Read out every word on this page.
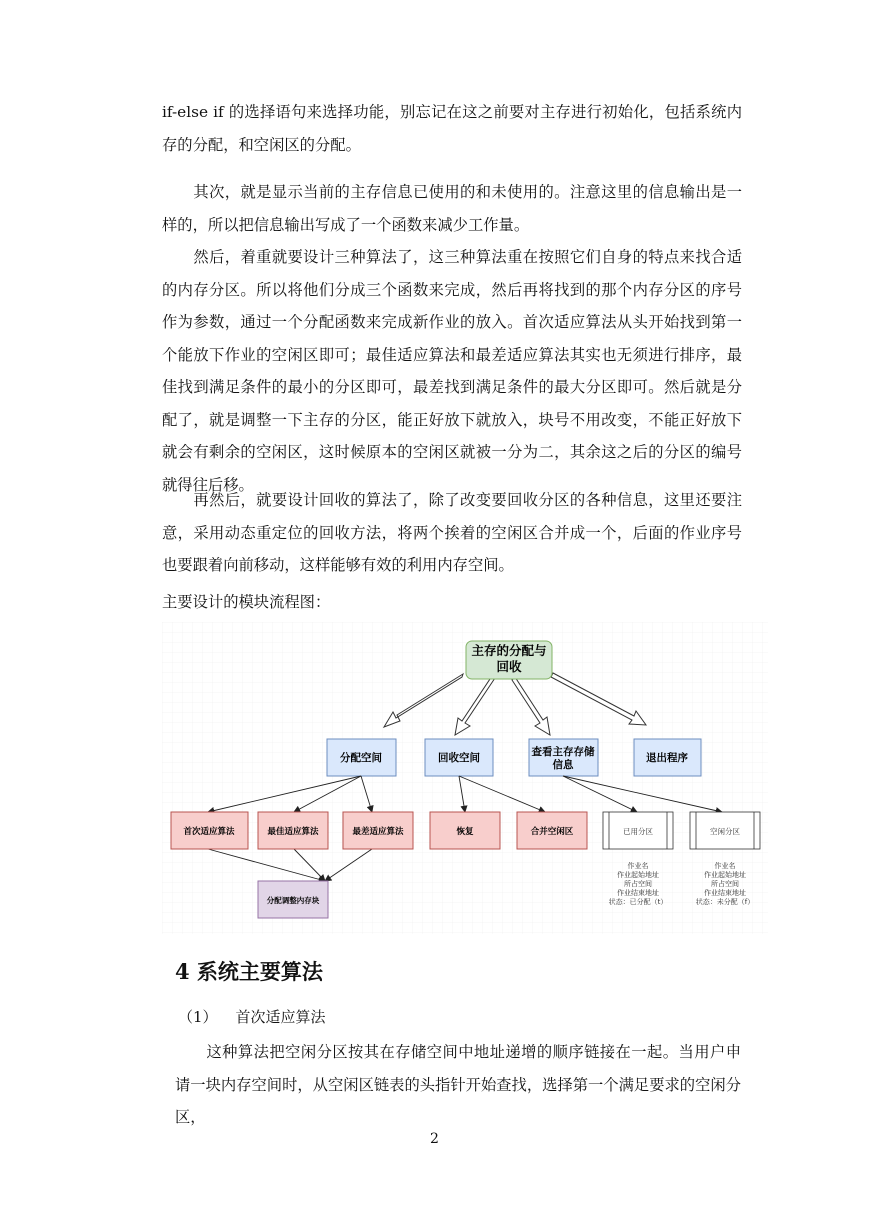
if-else if 的选择语句来选择功能，别忘记在这之前要对主存进行初始化，包括系统内存的分配，和空闲区的分配。

其次，就是显示当前的主存信息已使用的和未使用的。注意这里的信息输出是一样的，所以把信息输出写成了一个函数来减少工作量。

然后，着重就要设计三种算法了，这三种算法重在按照它们自身的特点来找合适的内存分区。所以将他们分成三个函数来完成，然后再将找到的那个内存分区的序号作为参数，通过一个分配函数来完成新作业的放入。首次适应算法从头开始找到第一个能放下作业的空闲区即可；最佳适应算法和最差适应算法其实也无须进行排序，最佳找到满足条件的最小的分区即可，最差找到满足条件的最大分区即可。然后就是分配了，就是调整一下主存的分区，能正好放下就放入，块号不用改变，不能正好放下就会有剩余的空闲区，这时候原本的空闲区就被一分为二，其余这之后的分区的编号就得往后移。

再然后，就要设计回收的算法了，除了改变要回收分区的各种信息，这里还要注意，采用动态重定位的回收方法，将两个挨着的空闲区合并成一个，后面的作业序号也要跟着向前移动，这样能够有效的利用内存空间。

主要设计的模块流程图：

主存的分配与
回收
分配空间	回收空间	查看主存存储
信息
退出程序
首次适应算法	最佳适应算法	最差适应算法	恢复	合并空闲区	已用分区	空闲分区
分配调整内存块
作业名
作业起始地址
所占空间
作业结束地址
状态：已分配（t）
作业名
作业起始地址
所占空间
作业结束地址
状态：未分配（f）
4 系统主要算法

（1） 首次适应算法

这种算法把空闲分区按其在存储空间中地址递增的顺序链接在一起。当用户申请一块内存空间时，从空闲区链表的头指针开始查找，选择第一个满足要求的空闲分区，

2
